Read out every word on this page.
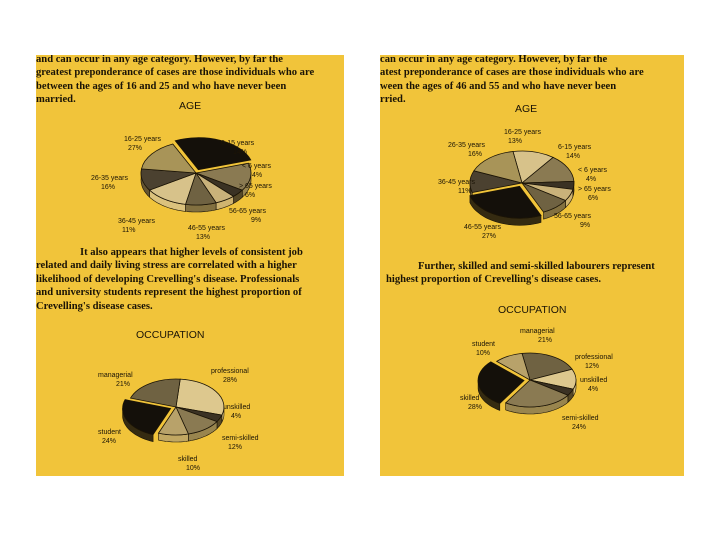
and can occur in any age category. However, by far the
greatest preponderance of cases are those individuals who are
between the ages of 16 and 25 and who have never been
married.
AGE
It also appears that higher levels of consistent job
related and daily living stress are correlated with a higher
likelihood of developing Crevelling's disease. Professionals
and university students represent the highest proportion of
Crevelling's disease cases.
OCCUPATION
16-25 years
27%
6-15 years
14%
< 6 years
4%
> 65 years
6%
56-65 years
9%
46-55 years
13%
36-45 years
11%
26-35 years
16%
professional
28%
unskilled
4%
semi-skilled
12%
skilled
10%
student
24%
managerial
21%
can occur in any age category. However, by far the
atest preponderance of cases are those individuals who are
ween the ages of 46 and 55 and who have never been
rried.
AGE
Further, skilled and semi-skilled labourers represent
highest proportion of Crevelling's disease cases.
OCCUPATION
16-25 years
13%
6-15 years
14%
< 6 years
4%
> 65 years
6%
56-65 years
9%
46-55 years
27%
36-45 years
11%
26-35 years
16%
managerial
21%
professional
12%
unskilled
4%
semi-skilled
24%
skilled
28%
student
10%
